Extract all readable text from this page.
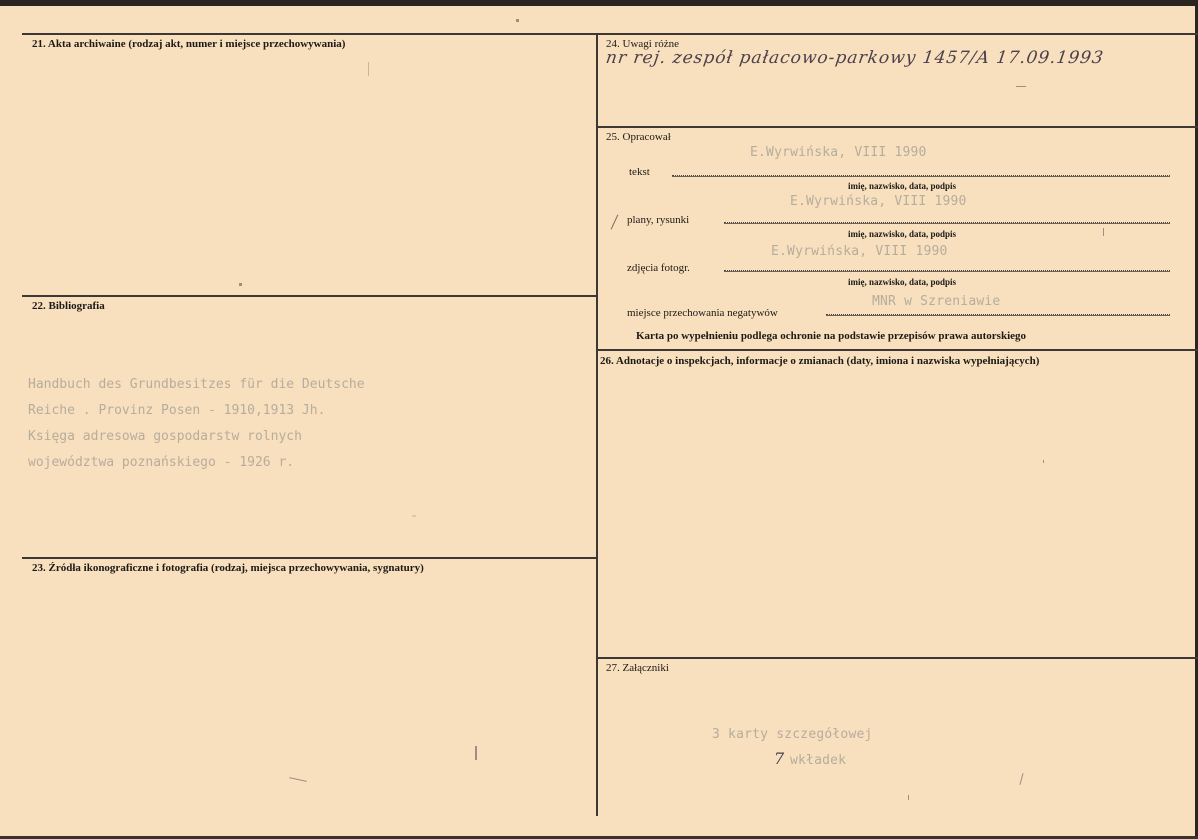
21. Akta archiwaine (rodzaj akt, numer i miejsce przechowywania)
22. Bibliografia
Handbuch des Grundbesitzes für die Deutsche
Reiche . Provinz Posen - 1910,1913 Jh.
Księga adresowa gospodarstw rolnych
województwa poznańskiego - 1926 r.
23. Źródła ikonograficzne i fotografia (rodzaj, miejsca przechowywania, sygnatury)
24. Uwagi różne
nr rej. zespół pałacowo-parkowy 1457/A 17.09.1993
25. Opracował
E.Wyrwińska, VIII 1990
tekst
imię, nazwisko, data, podpis
E.Wyrwińska, VIII 1990
plany, rysunki
imię, nazwisko, data, podpis
E.Wyrwińska, VIII 1990
zdjęcia fotogr.
imię, nazwisko, data, podpis
MNR w Szreniawie
miejsce przechowania negatywów
Karta po wypełnieniu podlega ochronie na podstawie przepisów prawa autorskiego
26. Adnotacje o inspekcjach, informacje o zmianach (daty, imiona i nazwiska wypełniających)
27. Załączniki
3 karty szczegółowej
7 wkładek
